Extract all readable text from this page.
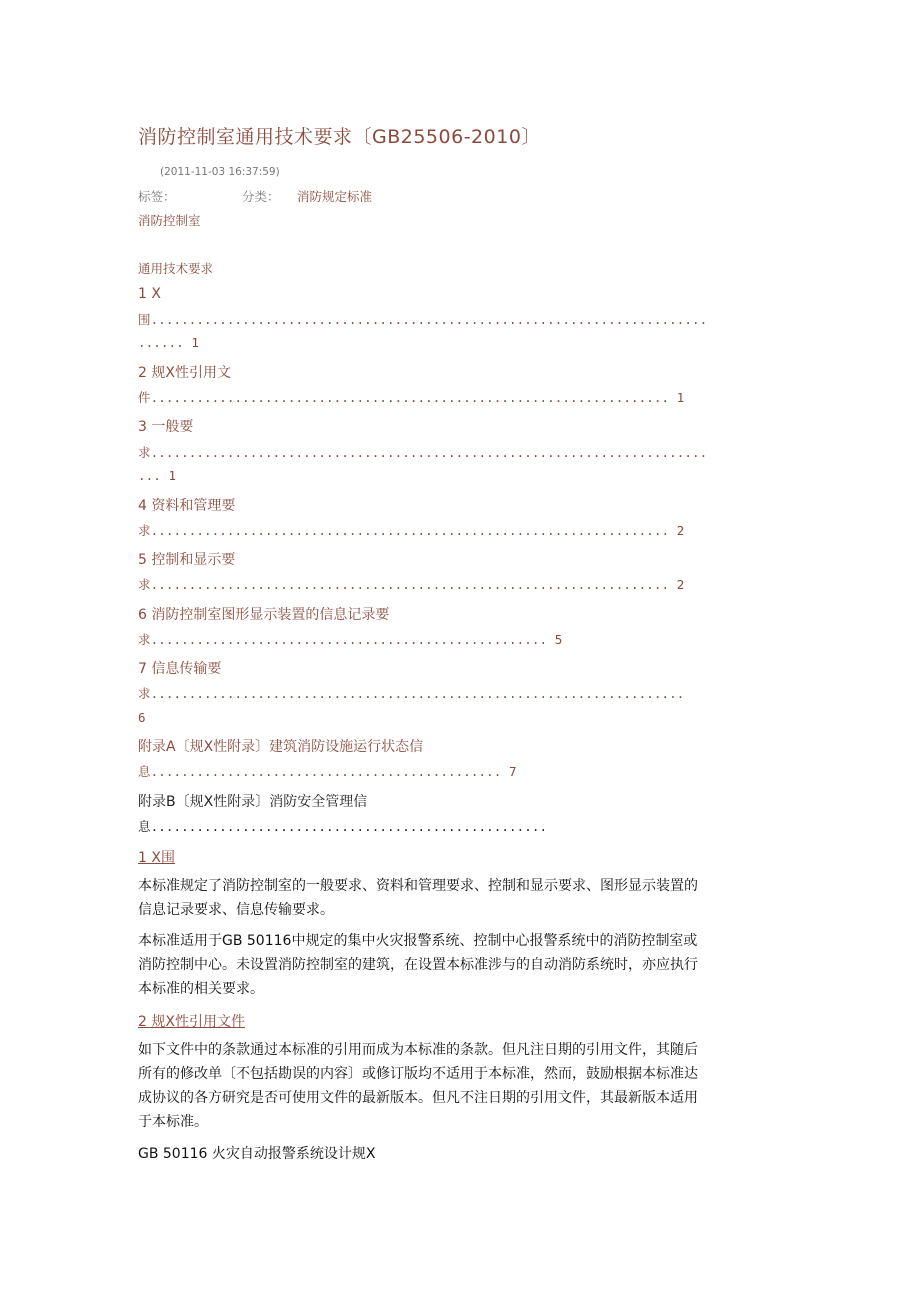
消防控制室通用技术要求〔GB25506-2010〕
(2011-11-03 16:37:59)
标签：	分类： 消防规定标准
消防控制室
通用技术要求
1 X
围.........................................................................
...... 1
2 规X性引用文
件.................................................................... 1
3 一般要
求.........................................................................
... 1
4 资料和管理要
求.................................................................... 2
5 控制和显示要
求.................................................................... 2
6 消防控制室图形显示装置的信息记录要
求.................................................... 5
7 信息传输要
求......................................................................
6
附录A〔规X性附录〕建筑消防设施运行状态信
息.............................................. 7
附录B〔规X性附录〕消防安全管理信
息....................................................
1 X围
本标准规定了消防控制室的一般要求、资料和管理要求、控制和显示要求、图形显示装置的
信息记录要求、信息传输要求。
本标准适用于GB 50116中规定的集中火灾报警系统、控制中心报警系统中的消防控制室或
消防控制中心。未设置消防控制室的建筑，在设置本标准涉与的自动消防系统时，亦应执行
本标准的相关要求。
2 规X性引用文件
如下文件中的条款通过本标准的引用而成为本标准的条款。但凡注日期的引用文件，其随后
所有的修改单〔不包括勘误的内容〕或修订版均不适用于本标准，然而，鼓励根据本标准达
成协议的各方研究是否可使用文件的最新版本。但凡不注日期的引用文件，其最新版本适用
于本标准。
GB 50116 火灾自动报警系统设计规X
